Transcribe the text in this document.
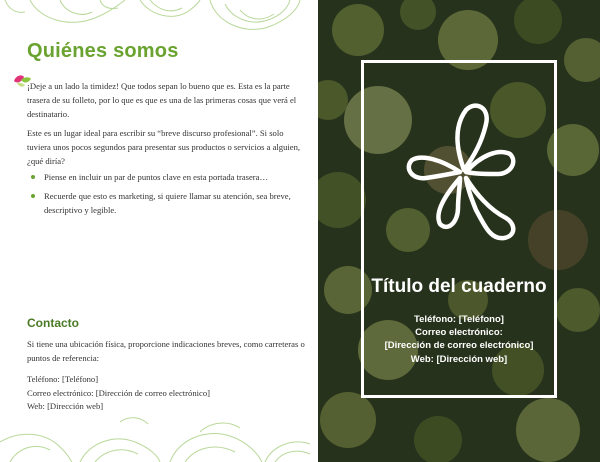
Quiénes somos

¡Deje a un lado la timidez! Que todos sepan lo bueno que es. Esta es la parte trasera de su folleto, por lo que es que es una de las primeras cosas que verá el destinatario.

Este es un lugar ideal para escribir su “breve discurso profesional”. Si solo tuviera unos pocos segundos para presentar sus productos o servicios a alguien, ¿qué diría?

Piense en incluir un par de puntos clave en esta portada trasera…
Recuerde que esto es marketing, si quiere llamar su atención, sea breve, descriptivo y legible.
Contacto

Si tiene una ubicación física, proporcione indicaciones breves, como carreteras o puntos de referencia:

Teléfono: [Teléfono]
Correo electrónico: [Dirección de correo electrónico]
Web: [Dirección web]
Título del cuaderno
Teléfono: [Teléfono]
Correo electrónico:
[Dirección de correo electrónico]
Web: [Dirección web]
